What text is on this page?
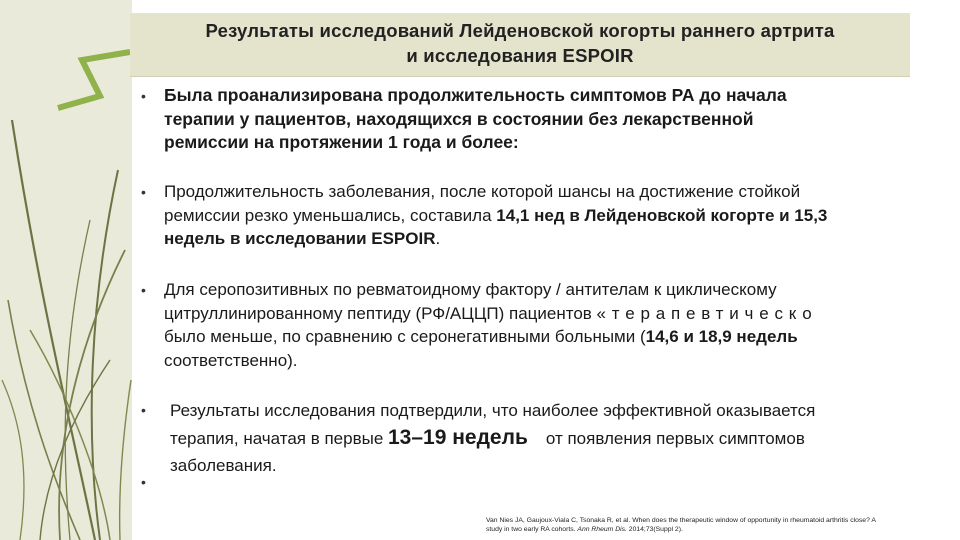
Результаты исследований Лейденовской когорты раннего артрита
и исследования ESPOIR
• Была проанализирована продолжительность симптомов РА до начала
терапии у пациентов, находящихся в состоянии без лекарственной
ремиссии на протяжении 1 года и более:
• Продолжительность заболевания, после которой шансы на достижение стойкой
ремиссии резко уменьшались, составила 14,1 нед в Лейденовской когорте и 15,3
недель в исследовании ESPOIR.
• Для серопозитивных по ревматоидному фактору / антителам к циклическому
цитруллинированному пептиду (РФ/АЦЦП) пациентов «терапевтическо
было меньше, по сравнению с серонегативными больными (14,6 и 18,9 недель
соответственно).
• Результаты исследования подтвердили, что наиболее эффективной оказывается
терапия, начатая в первые 13–19 недель от появления первых симптомов
заболевания.
•
Van Nies JA, Gaujoux-Viala C, Tsonaka R, et al. When does the therapeutic window of opportunity in rheumatoid arthritis close? A
study in two early RA cohorts. Ann Rheum Dis. 2014;73(Suppl 2).
